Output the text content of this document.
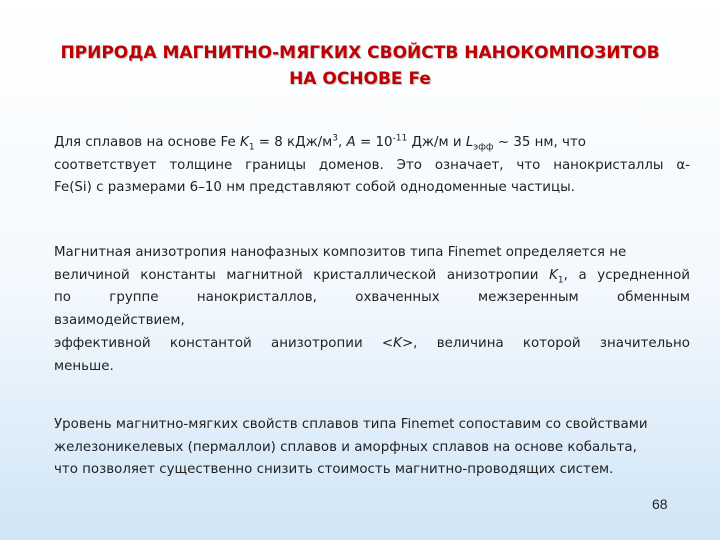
ПРИРОДА МАГНИТНО-МЯГКИХ СВОЙСТВ НАНОКОМПОЗИТОВ
НА ОСНОВЕ Fe
Для сплавов на основе Fe $K_1 = 8$ кДж/$м^3$, $A = 10^{-11}$ Дж/м и $L_{эфф}$ ~ 35 нм, что
соответствует толщине границы доменов. Это означает, что нанокристаллы α-
Fe(Si) с размерами 6–10 нм представляют собой однодоменные частицы.
Магнитная анизотропия нанофазных композитов типа Finemet определяется не
величиной константы магнитной кристаллической анизотропии $K_1$, а усредненной
по группе нанокристаллов, охваченных межзеренным обменным
взаимодействием,
эффективной константой анизотропии <K>, величина которой значительно
меньше.
Уровень магнитно-мягких свойств сплавов типа Finemet сопоставим со свойствами
железоникелевых (пермаллои) сплавов и аморфных сплавов на основе кобальта,
что позволяет существенно снизить стоимость магнитно-проводящих систем.
68
